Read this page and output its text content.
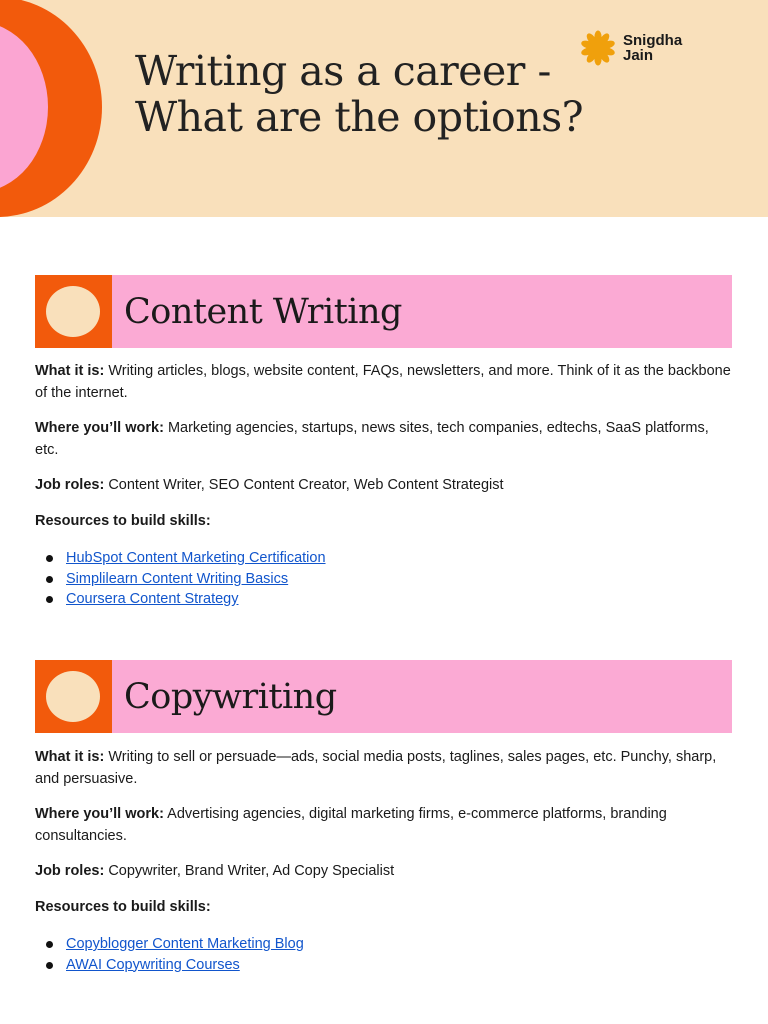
Writing as a career -
What are the options?
Snigdha
Jain
Content Writing

What it is: Writing articles, blogs, website content, FAQs, newsletters, and more. Think of it as the backbone of the internet.

Where you’ll work: Marketing agencies, startups, news sites, tech companies, edtechs, SaaS platforms, etc.

Job roles: Content Writer, SEO Content Creator, Web Content Strategist

Resources to build skills:

HubSpot Content Marketing Certification
Simplilearn Content Writing Basics
Coursera Content Strategy
Copywriting

What it is: Writing to sell or persuade—ads, social media posts, taglines, sales pages, etc. Punchy, sharp, and persuasive.

Where you’ll work: Advertising agencies, digital marketing firms, e-commerce platforms, branding consultancies.

Job roles: Copywriter, Brand Writer, Ad Copy Specialist

Resources to build skills:

Copyblogger Content Marketing Blog
AWAI Copywriting Courses
